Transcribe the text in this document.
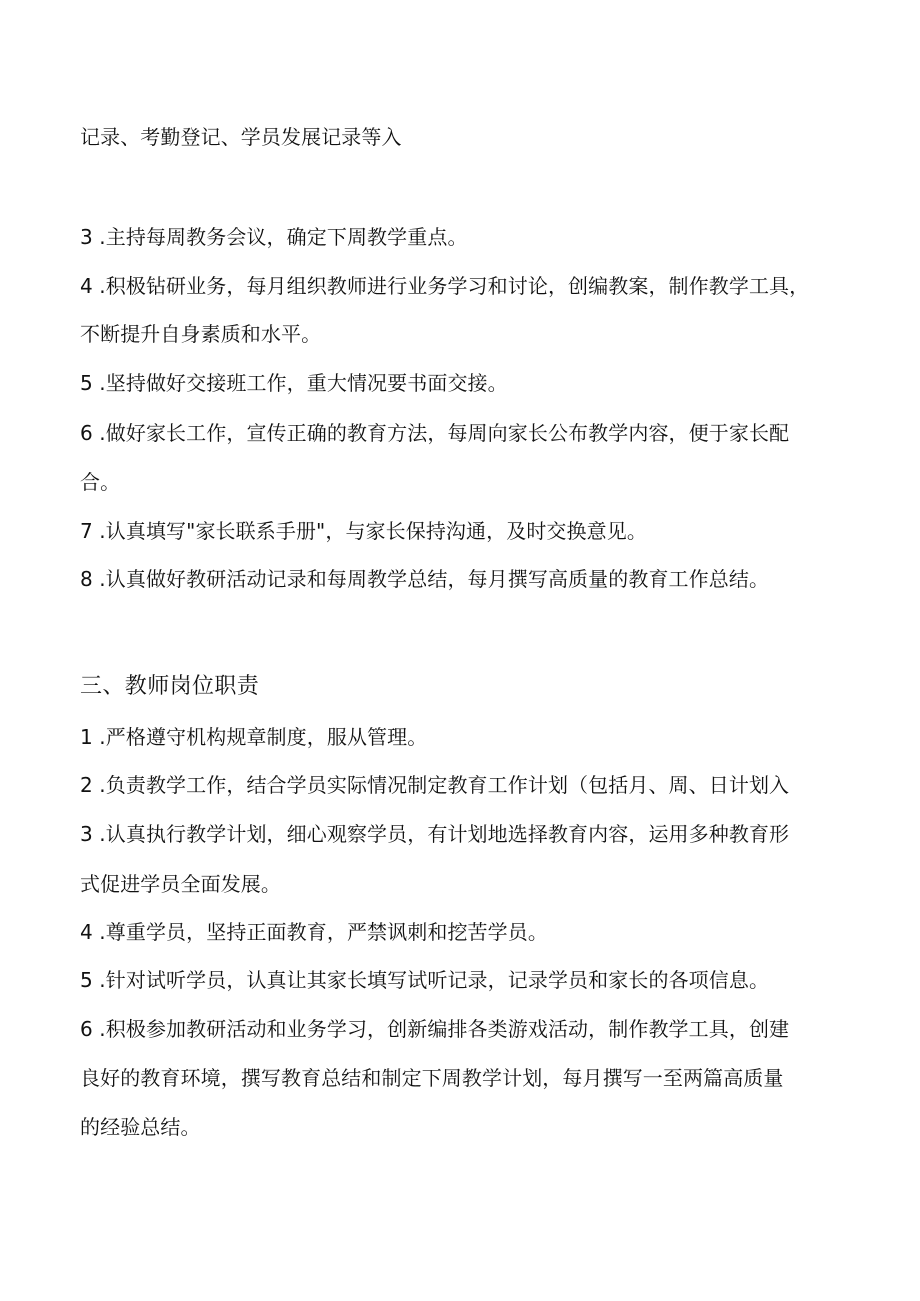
记录、考勤登记、学员发展记录等入
3 .主持每周教务会议，确定下周教学重点。
4 .积极钻研业务，每月组织教师进行业务学习和讨论，创编教案，制作教学工具，
不断提升自身素质和水平。
5 .坚持做好交接班工作，重大情况要书面交接。
6 .做好家长工作，宣传正确的教育方法，每周向家长公布教学内容，便于家长配
合。
7 .认真填写"家长联系手册"，与家长保持沟通，及时交换意见。
8 .认真做好教研活动记录和每周教学总结，每月撰写高质量的教育工作总结。
三、教师岗位职责
1 .严格遵守机构规章制度，服从管理。
2 .负责教学工作，结合学员实际情况制定教育工作计划（包括月、周、日计划入
3 .认真执行教学计划，细心观察学员，有计划地选择教育内容，运用多种教育形
式促进学员全面发展。
4 .尊重学员，坚持正面教育，严禁讽刺和挖苦学员。
5 .针对试听学员，认真让其家长填写试听记录，记录学员和家长的各项信息。
6 .积极参加教研活动和业务学习，创新编排各类游戏活动，制作教学工具，创建
良好的教育环境，撰写教育总结和制定下周教学计划，每月撰写一至两篇高质量
的经验总结。
